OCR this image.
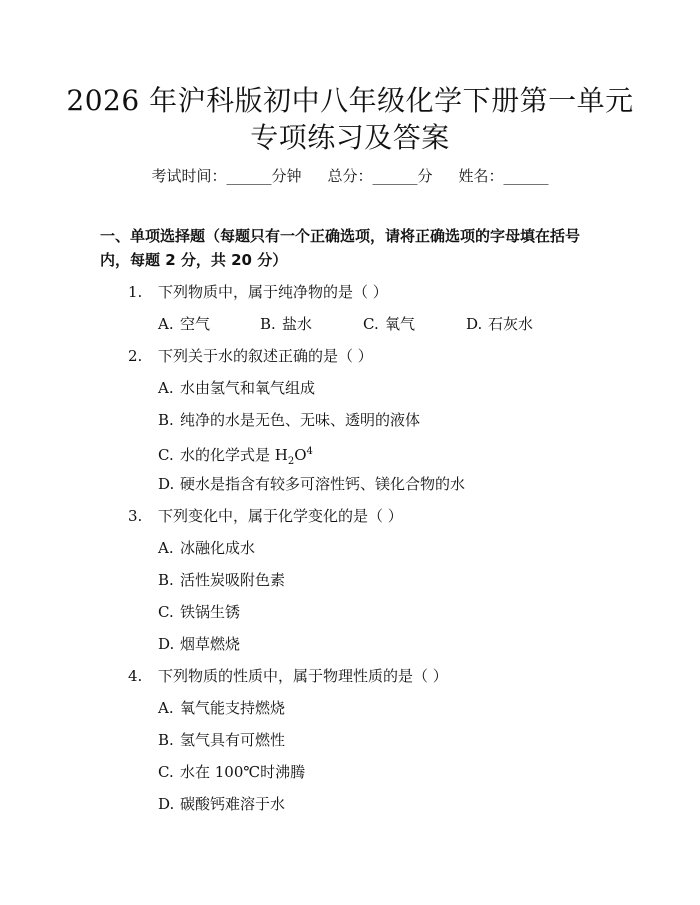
2026 年沪科版初中八年级化学下册第一单元
专项练习及答案
考试时间：______分钟 总分：______分 姓名：______
一、单项选择题（每题只有一个正确选项，请将正确选项的字母填在括号内，每题 2 分，共 20 分）
1. 下列物质中，属于纯净物的是（ ）
A. 空气	B. 盐水	C. 氧气	D. 石灰水
2. 下列关于水的叙述正确的是（ ）
A. 水由氢气和氧气组成
B. 纯净的水是无色、无味、透明的液体
C. 水的化学式是 $H_2O^4$
D. 硬水是指含有较多可溶性钙、镁化合物的水
3. 下列变化中，属于化学变化的是（ ）
A. 冰融化成水
B. 活性炭吸附色素
C. 铁锅生锈
D. 烟草燃烧
4. 下列物质的性质中，属于物理性质的是（ ）
A. 氧气能支持燃烧
B. 氢气具有可燃性
C. 水在 100℃时沸腾
D. 碳酸钙难溶于水
